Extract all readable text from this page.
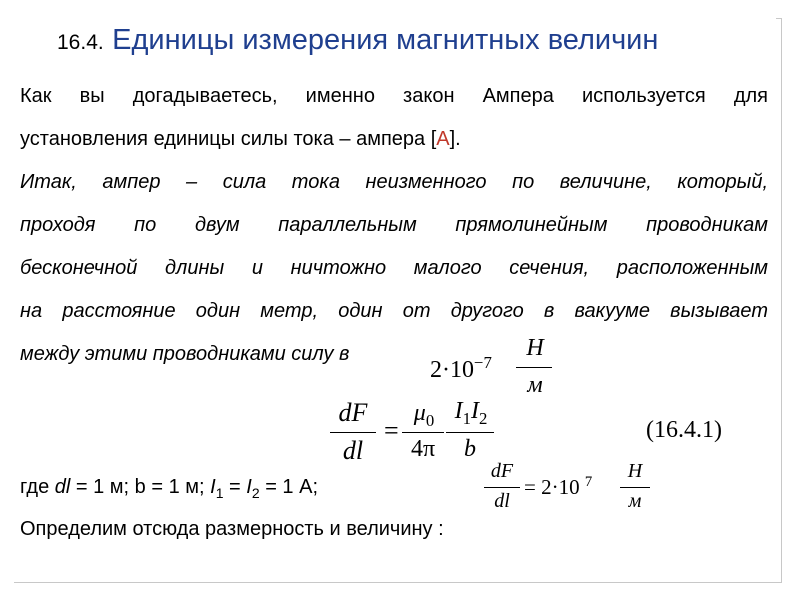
16.4. Единицы измерения магнитных величин
Как вы догадываетесь, именно закон Ампера используется для
установления единицы силы тока – ампера [А].
Итак, ампер – сила тока неизменного по величине, который,
проходя по двум параллельным прямолинейным проводникам
бесконечной длины и ничтожно малого сечения, расположенным
на расстояние один метр, один от другого в вакууме вызывает
между этими проводниками силу в
$2\cdot 10^{-7}$
H
м
dF
dl
=
$\mu_0$
4π
$I_1I_2$
b
(16.4.1)
где dl = 1 м; b = 1 м; $I_1 = I_2 = 1$ А;
dF
dl
= 2·10 $^7$	H
м
Определим отсюда размерность и величину :
